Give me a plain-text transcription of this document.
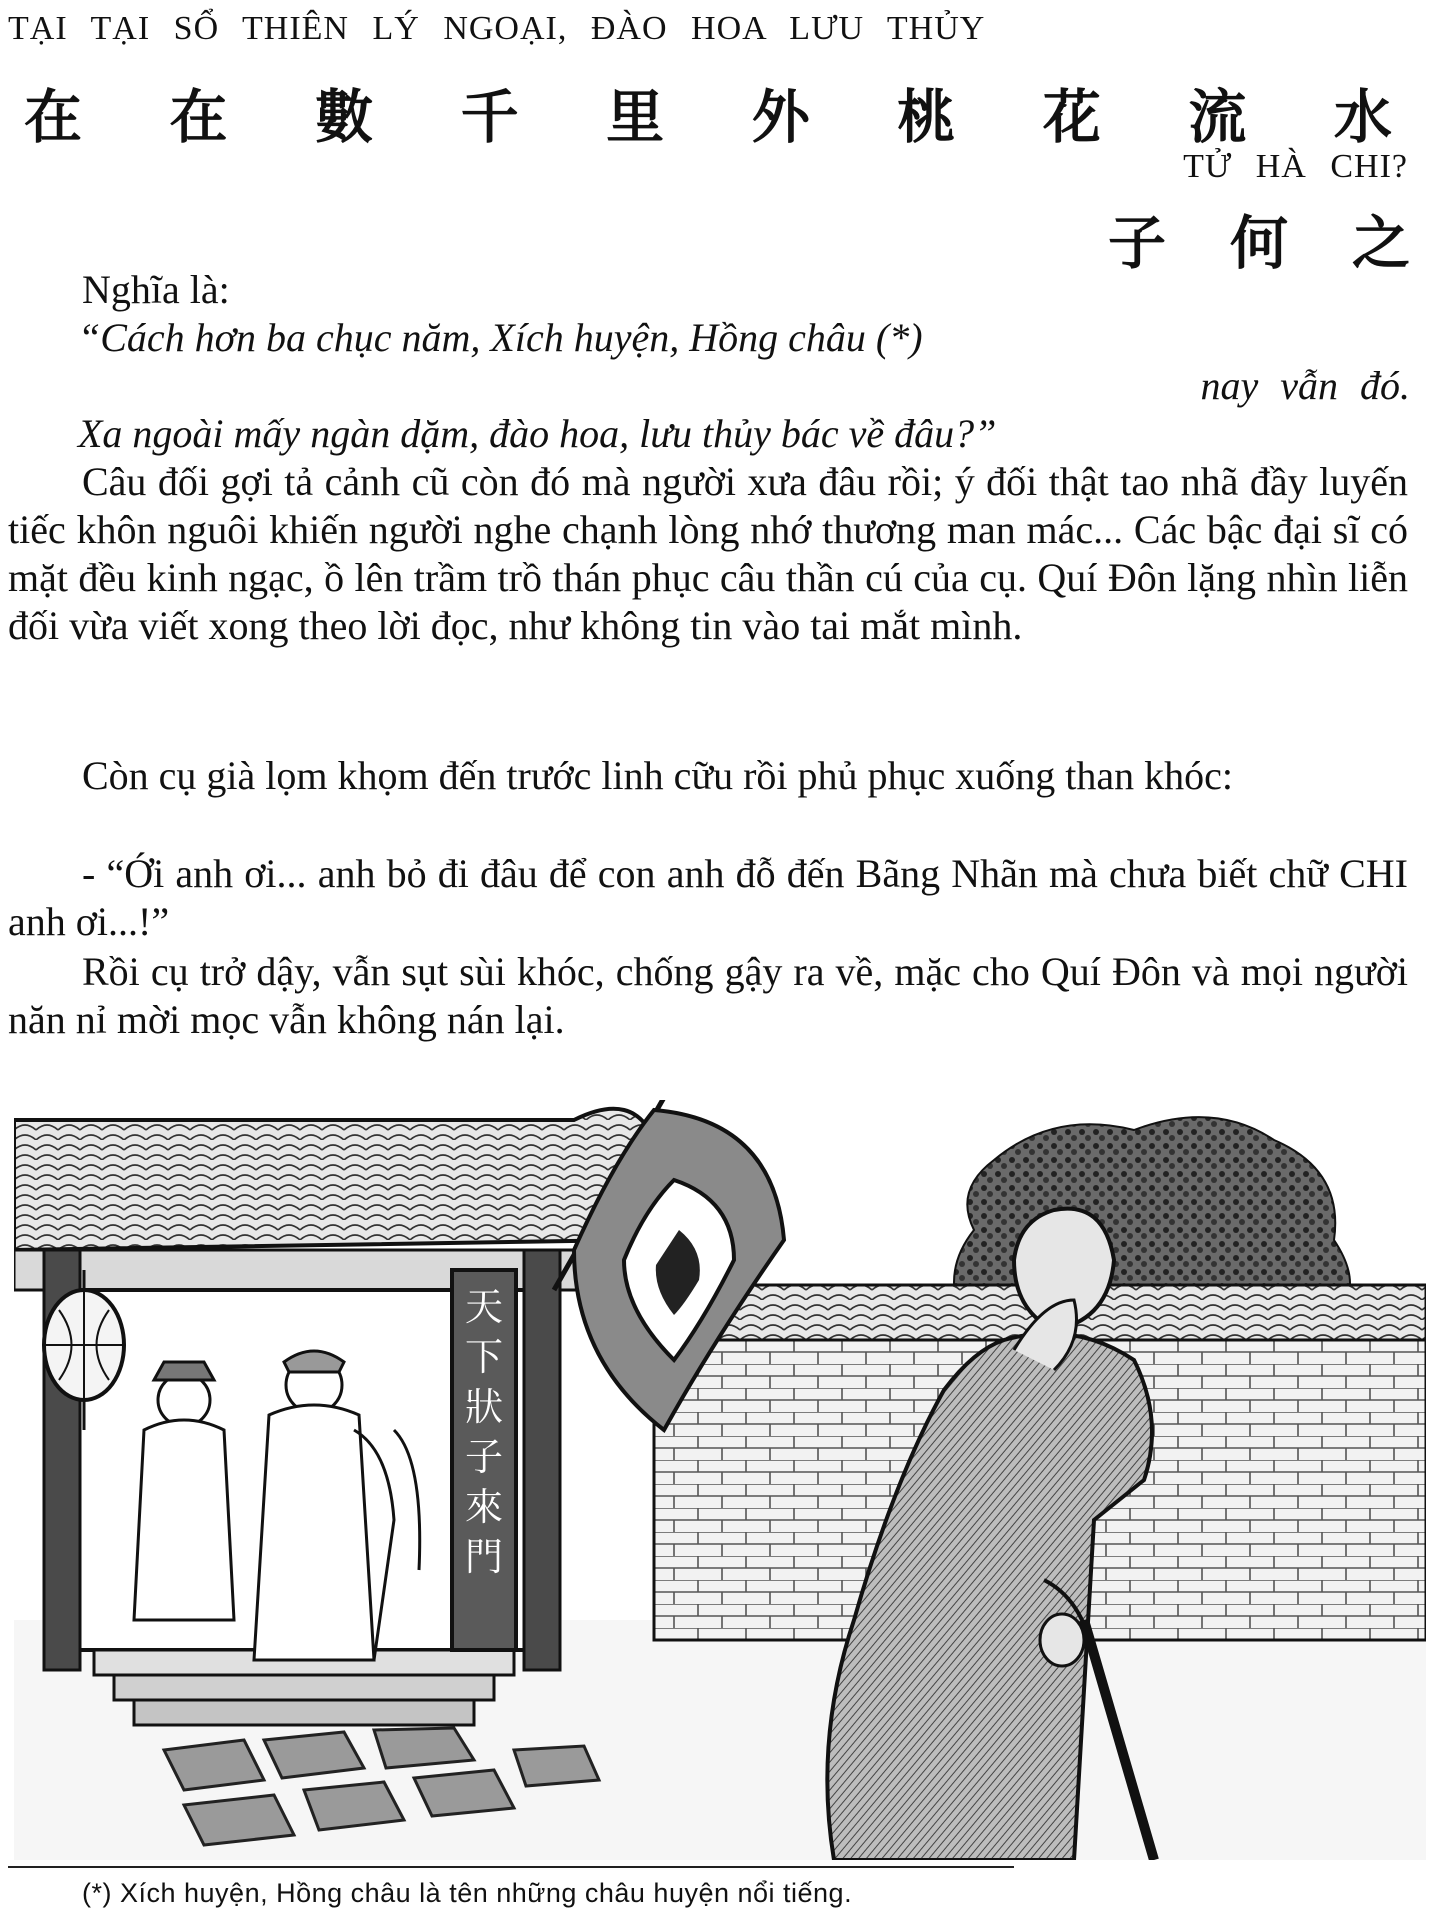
TẠI TẠI SỔ THIÊN LÝ NGOẠI, ĐÀO HOA LƯU THỦY
在 在 數 千 里 外 桃 花 流 水
TỬ HÀ CHI?
子 何 之
Nghĩa là:
“Cách hơn ba chục năm, Xích huyện, Hồng châu (*)
nay vẫn đó.
Xa ngoài mấy ngàn dặm, đào hoa, lưu thủy bác về đâu?”
Câu đối gợi tả cảnh cũ còn đó mà người xưa đâu rồi; ý đối thật tao nhã đầy luyến tiếc khôn nguôi khiến người nghe chạnh lòng nhớ thương man mác... Các bậc đại sĩ có mặt đều kinh ngạc, ồ lên trầm trồ thán phục câu thần cú của cụ. Quí Đôn lặng nhìn liễn đối vừa viết xong theo lời đọc, như không tin vào tai mắt mình.
Còn cụ già lọm khọm đến trước linh cữu rồi phủ phục xuống than khóc:
- “Ới anh ơi... anh bỏ đi đâu để con anh đỗ đến Bãng Nhãn mà chưa biết chữ CHI anh ơi...!”
Rồi cụ trở dậy, vẫn sụt sùi khóc, chống gậy ra về, mặc cho Quí Đôn và mọi người năn nỉ mời mọc vẫn không nán lại.
天
下
狀
子
來
門
(*) Xích huyện, Hồng châu là tên những châu huyện nổi tiếng.
